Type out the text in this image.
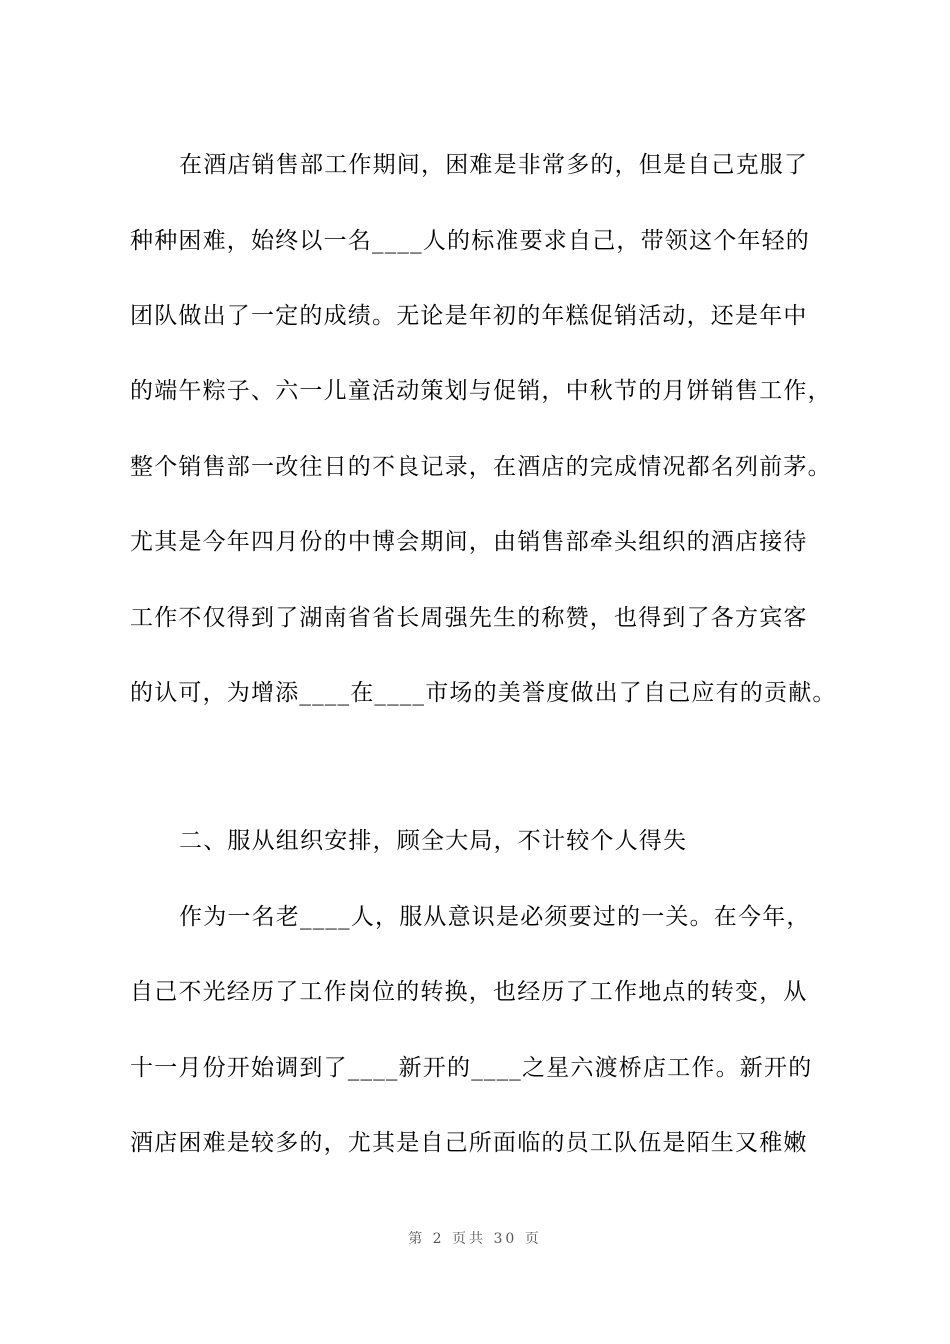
在酒店销售部工作期间，困难是非常多的，但是自己克服了
种种困难，始终以一名____人的标准要求自己，带领这个年轻的
团队做出了一定的成绩。无论是年初的年糕促销活动，还是年中
的端午粽子、六一儿童活动策划与促销，中秋节的月饼销售工作，
整个销售部一改往日的不良记录，在酒店的完成情况都名列前茅。
尤其是今年四月份的中博会期间，由销售部牵头组织的酒店接待
工作不仅得到了湖南省省长周强先生的称赞，也得到了各方宾客
的认可，为增添____在____市场的美誉度做出了自己应有的贡献。
二、服从组织安排，顾全大局，不计较个人得失
作为一名老____人，服从意识是必须要过的一关。在今年，
自己不光经历了工作岗位的转换，也经历了工作地点的转变，从
十一月份开始调到了____新开的____之星六渡桥店工作。新开的
酒店困难是较多的，尤其是自己所面临的员工队伍是陌生又稚嫩
第 2 页共 30 页
